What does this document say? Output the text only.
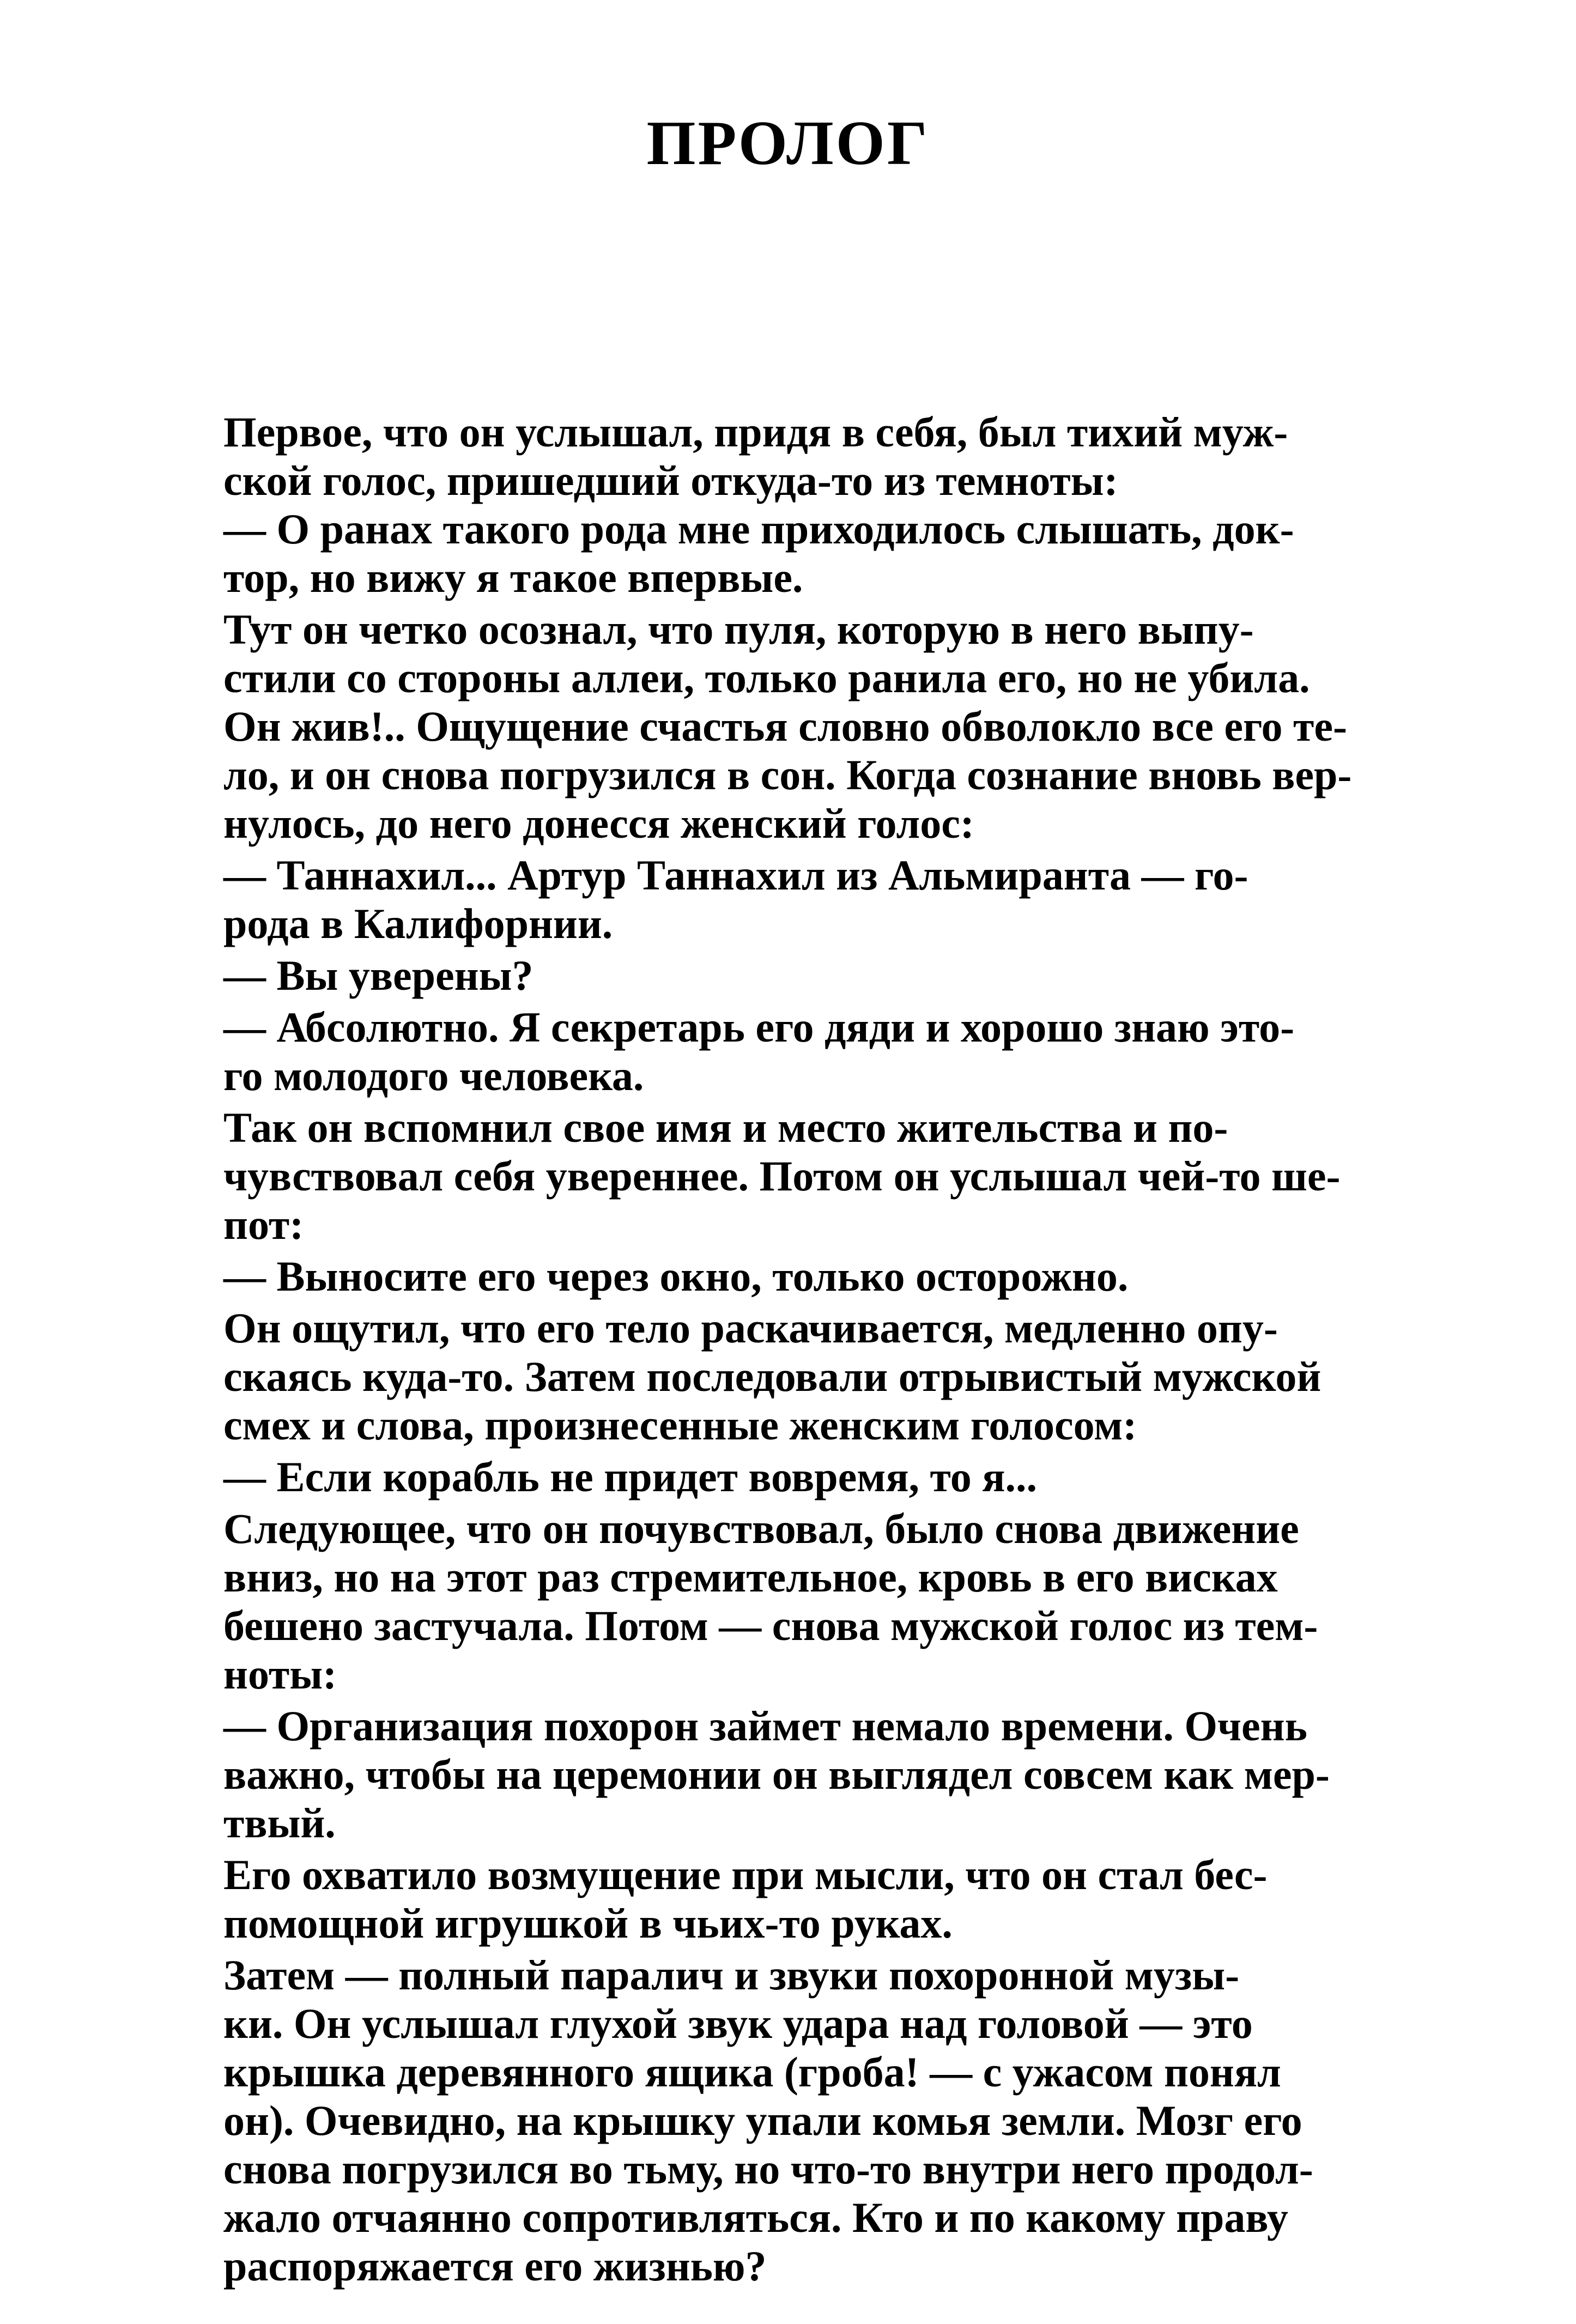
ПРОЛОГ
Первое, что он услышал, придя в себя, был тихий муж-
ской голос, пришедший откуда-то из темноты:
— О ранах такого рода мне приходилось слышать, док-
тор, но вижу я такое впервые.
Тут он четко осознал, что пуля, которую в него выпу-
стили со стороны аллеи, только ранила его, но не убила.
Он жив!.. Ощущение счастья словно обволокло все его те-
ло, и он снова погрузился в сон. Когда сознание вновь вер-
нулось, до него донесся женский голос:
— Таннахил... Артур Таннахил из Альмиранта — го-
рода в Калифорнии.
— Вы уверены?
— Абсолютно. Я секретарь его дяди и хорошо знаю это-
го молодого человека.
Так он вспомнил свое имя и место жительства и по-
чувствовал себя увереннее. Потом он услышал чей-то ше-
пот:
— Выносите его через окно, только осторожно.
Он ощутил, что его тело раскачивается, медленно опу-
скаясь куда-то. Затем последовали отрывистый мужской
смех и слова, произнесенные женским голосом:
— Если корабль не придет вовремя, то я...
Следующее, что он почувствовал, было снова движение
вниз, но на этот раз стремительное, кровь в его висках
бешено застучала. Потом — снова мужской голос из тем-
ноты:
— Организация похорон займет немало времени. Очень
важно, чтобы на церемонии он выглядел совсем как мер-
твый.
Его охватило возмущение при мысли, что он стал бес-
помощной игрушкой в чьих-то руках.
Затем — полный паралич и звуки похоронной музы-
ки. Он услышал глухой звук удара над головой — это
крышка деревянного ящика (гроба! — с ужасом понял
он). Очевидно, на крышку упали комья земли. Мозг его
снова погрузился во тьму, но что-то внутри него продол-
жало отчаянно сопротивляться. Кто и по какому праву
распоряжается его жизнью?
